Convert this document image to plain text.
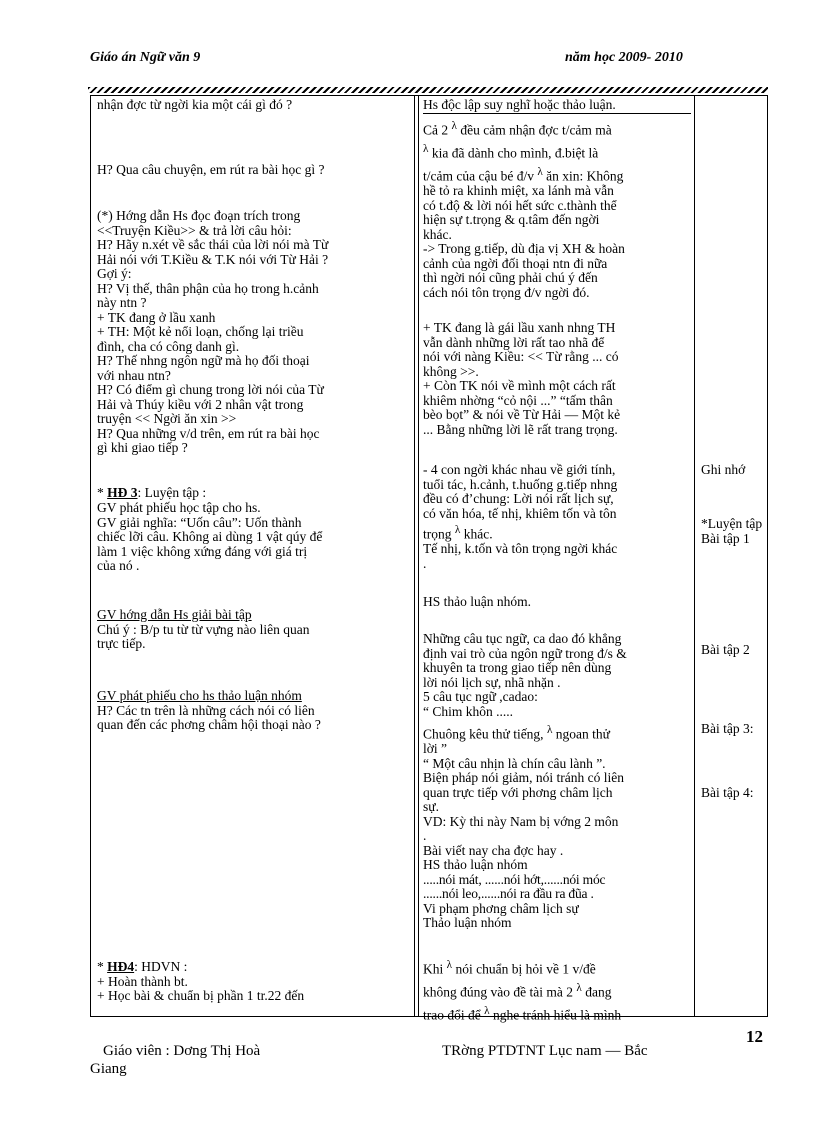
Giáo án Ngữ văn 9	năm học 2009- 2010

nhận đợc từ ngời kia một cái gì đó ?

H? Qua câu chuyện, em rút ra bài học gì ?

(*) Hớng dẫn Hs đọc đoạn trích trong

<<Truyện Kiều>> & trả lời câu hỏi:

H? Hãy n.xét về sắc thái của lời nói mà Từ

Hải nói với T.Kiều & T.K nói với Từ Hải ?

Gợi ý:

H? Vị thế, thân phận của họ trong h.cảnh

này ntn ?

+ TK đang ở lầu xanh

+ TH: Một kẻ nổi loạn, chống lại triều

đình, cha có công danh gì.

H? Thế nhng ngôn ngữ mà họ đối thoại

với nhau ntn?

H? Có điểm gì chung trong lời nói của Từ

Hải và Thúy kiều với 2 nhân vật trong

truyện << Ngời ăn xin >>

H? Qua những v/d trên, em rút ra bài học

gì khi giao tiếp ?

* HĐ 3: Luyện tập :

GV phát phiếu học tập cho hs.

GV giải nghĩa: “Uốn câu”: Uốn thành

chiếc lỡi câu. Không ai dùng 1 vật qúy để

làm 1 việc không xứng đáng với giá trị

của nó .

GV hớng dẫn Hs giải bài tập

Chú ý : B/p tu từ từ vựng nào liên quan

trực tiếp.

GV phát phiếu cho hs thảo luận nhóm

H? Các tn trên là những cách nói có liên

quan đến các phơng châm hội thoại nào ?

* HĐ4: HDVN :

+ Hoàn thành bt.

+ Học bài & chuẩn bị phần 1 tr.22 đến

Hs độc lập suy nghĩ hoặc thảo luận.

Cả 2 $^\lambda$ đều cảm nhận đợc t/cảm mà

$^\lambda$ kia đã dành cho mình, đ.biệt là

t/cảm của cậu bé đ/v $^\lambda$ ăn xin: Không

hề tỏ ra khinh miệt, xa lánh mà vẫn

có t.độ & lời nói hết sức c.thành thể

hiện sự t.trọng & q.tâm đến ngời

khác.

-> Trong g.tiếp, dù địa vị XH & hoàn

cảnh của ngời đối thoại ntn đi nữa

thì ngời nói cũng phải chú ý đến

cách nói tôn trọng đ/v ngời đó.

+ TK đang là gái lầu xanh nhng TH

vẫn dành những lời rất tao nhã để

nói với nàng Kiều: << Từ rằng ... có

không >>.

+ Còn TK nói về mình một cách rất

khiêm nhờng “cỏ nội ...” “tấm thân

bèo bọt” & nói về Từ Hải — Một kẻ

... Bằng những lời lẽ rất trang trọng.

- 4 con ngời khác nhau về giới tính,

tuổi tác, h.cảnh, t.huống g.tiếp nhng

đều có đ’chung: Lời nói rất lịch sự,

có văn hóa, tế nhị, khiêm tốn và tôn

trọng $^\lambda$ khác.

Tế nhị, k.tốn và tôn trọng ngời khác

.

HS thảo luận nhóm.

Những câu tục ngữ, ca dao đó khẳng

định vai trò của ngôn ngữ trong đ/s &

khuyên ta trong giao tiếp nên dùng

lời nói lịch sự, nhã nhặn .

5 câu tục ngữ ,cadao:

“ Chim khôn .....

Chuông kêu thử tiếng, $^\lambda$ ngoan thử

lời ”

“ Một câu nhịn là chín câu lành ”.

Biện pháp nói giảm, nói tránh có liên

quan trực tiếp với phơng châm lịch

sự.

VD: Kỳ thi này Nam bị vớng 2 môn

.

Bài viết nay cha đợc hay .

HS thảo luận nhóm

.....nói mát, ......nói hớt,......nói móc

......nói leo,......nói ra đầu ra đũa .

Vi phạm phơng châm lịch sự

Thảo luận nhóm

Khi $^\lambda$ nói chuẩn bị hỏi về 1 v/đề

không đúng vào đề tài mà 2 $^\lambda$ đang

trao đổi để $^\lambda$ nghe tránh hiểu là mình

Ghi nhớ
*Luyện tập
Bài tập 1
Bài tập 2
Bài tập 3:
Bài tập 4:
12
Giáo viên : Dơng Thị Hoà	TRờng PTDTNT Lục nam — Bắc
Giang
